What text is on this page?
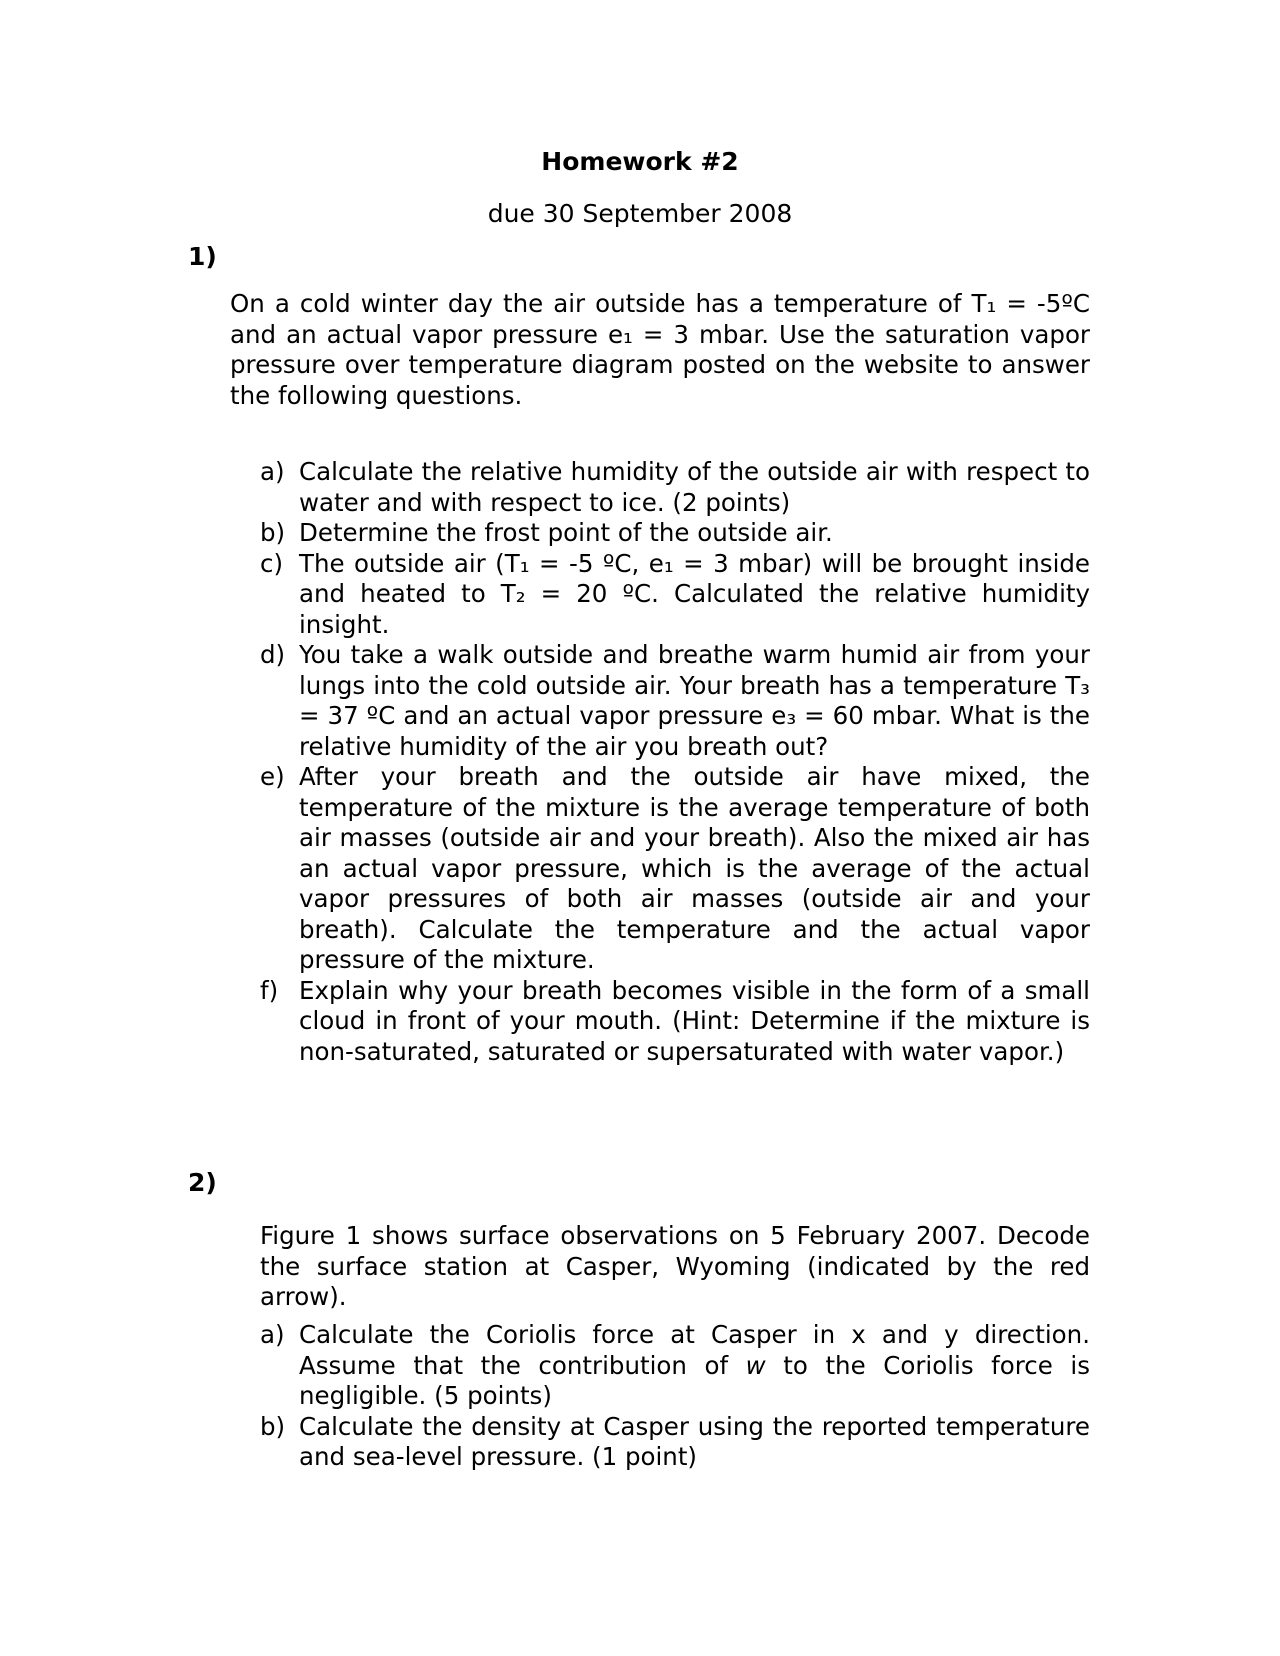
Homework #2

due 30 September 2008

1)

On a cold winter day the air outside has a temperature of T₁ = -5ºC and an actual vapor pressure e₁ = 3 mbar. Use the saturation vapor pressure over temperature diagram posted on the website to answer the following questions.

a) Calculate the relative humidity of the outside air with respect to water and with respect to ice. (2 points)
b) Determine the frost point of the outside air.
c) The outside air (T₁ = -5 ºC, e₁ = 3 mbar) will be brought inside and heated to T₂ = 20 ºC. Calculated the relative humidity insight.
d) You take a walk outside and breathe warm humid air from your lungs into the cold outside air. Your breath has a temperature T₃ = 37 ºC and an actual vapor pressure e₃ = 60 mbar. What is the relative humidity of the air you breath out?
e) After your breath and the outside air have mixed, the temperature of the mixture is the average temperature of both air masses (outside air and your breath). Also the mixed air has an actual vapor pressure, which is the average of the actual vapor pressures of both air masses (outside air and your breath). Calculate the temperature and the actual vapor pressure of the mixture.
f) Explain why your breath becomes visible in the form of a small cloud in front of your mouth. (Hint: Determine if the mixture is non-saturated, saturated or supersaturated with water vapor.)

2)

Figure 1 shows surface observations on 5 February 2007. Decode the surface station at Casper, Wyoming (indicated by the red arrow).

a) Calculate the Coriolis force at Casper in x and y direction. Assume that the contribution of w to the Coriolis force is negligible. (5 points)
b) Calculate the density at Casper using the reported temperature and sea-level pressure. (1 point)
